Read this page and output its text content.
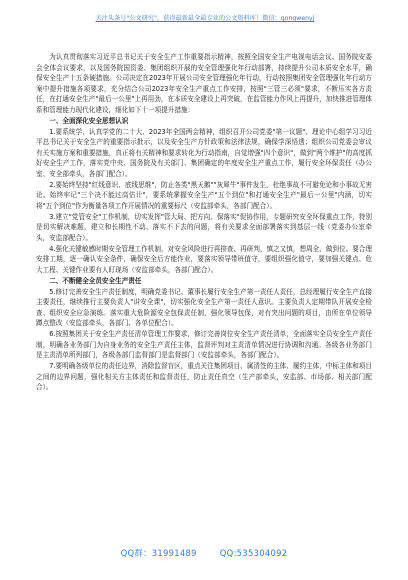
关注头条号"公文研究"，获得最新最全最专业的公文资料库！微信：gongwenyj

为认真贯彻落实习近平总书记关于安全生产工作重要指示精神，按照全国安全生产电视电话会议、国务院安委会全体会议要求，以及国务院国资委、集团组织开展的安全管理强化年行动部署，持续提升公司本质安全水平，确保安全生产十五条硬措施。公司决定在2023年开展公司安全管理强化年行动，行动按照集团安全管理强化年行动方案中提升措施各项要求，充分结合公司2023年安全生产重点工作安排，按照"三管三必须"要求，不断压实各方责任，在打通安全生产"最后一公里"上再用劲，在本质安全建设上再突破，在监管能力作风上再提升，加快推进管理体系和管理能力现代化建设，细化如下十一项提升措施：

一、全面深化安全思想认识

1.要系统学、认真学党的二十大、2023年全国两会精神，组织召开公司党委"第一议题"、理论中心组学习习近平总书记关于安全生产的重要指示批示，以及安全生产方针政策和法律法规，确保学深悟透；组织公司党委会审议有关实施方案和重要措施，真正将有关精神和要求转化为行动指南，自觉增强"四个意识"，做到"两个维护"的高度抓好安全生产工作，落实党中央、国务院及有关部门、集团确定的年度安全生产重点工作，履行安全环保责任（办公室、安全部牵头，各部门配合）。

2.要始终坚持"红线意识、底线思维"，防止各类"黑天鹅""灰犀牛"事件发生，杜绝事故不可避免论和小事故无害论。始终牢记"三个决不能过高估计"，要系统掌握安全生产"五个到位"和打通安全生产"最后一公里"内涵，切实将"五个到位"作为衡量各项工作开展情况的重要标尺（安监部牵头，各部门配合）。

3.建立"党管安全"工作机制，切实发挥"管大局、把方向、保落实"促协作用，专题研究安全环保重点工作，特别是切实解决难题，建立和长期性不动、落实不下去的问题，将有关要求全面部署落实到基层一线（党委办公室牵头，安监部配合）。

4.强化关键敏感时期安全管理工作机制，对安全风险进行再排查、再研判，慎之又慎，想周全、做到位。要合理安排工期，逐一确认安全条件，确保安全后方能作业，要落实领导带班值守，要组织强化值守，要加强关键点、危大工程、关键作业要有人盯现场（安监部牵头，各部门配合）。

二、不断健全全员安全生产责任

5.修订完善安全生产责任制度，明确党委书记、董事长履行安全生产第一责任人责任，总经理履行安全生产直接主要责任，继续推行主要负责人"讲安全课"，切实强化安全生产第一责任人意识。主要负责人定期带队开展安全检查、组织安全应急演练。落实重大危险源安全包保责任制，强化领导包保，对有突出问题的项目，由所在单位领导蹲点整改（安监部牵头，各部门、各单位配合）。

6.按照集团关于安全生产责任清单管理工作要求，修订完善岗位安全生产责任清单，全面落实全员安全生产责任制，明确各业务部门为自身业务的安全生产责任主体，监督评判对主责清单情况进行协调和沟通。各级各业务部门是主责清单所列部门，各级各部门监督部门是监督部门（安监部牵头，各部门配合）。

7.要明确各级单位的责任边界，消除监督盲区，重点关注集团项目、属清签的主体、履约主体，中标主体和项目之间的边界问题，强化相关方主体责任和监督责任，防止责任真空（生产部牵头，安监部、市场部、相关部门配合）。

QQ群：31991489	QQ:535304092
